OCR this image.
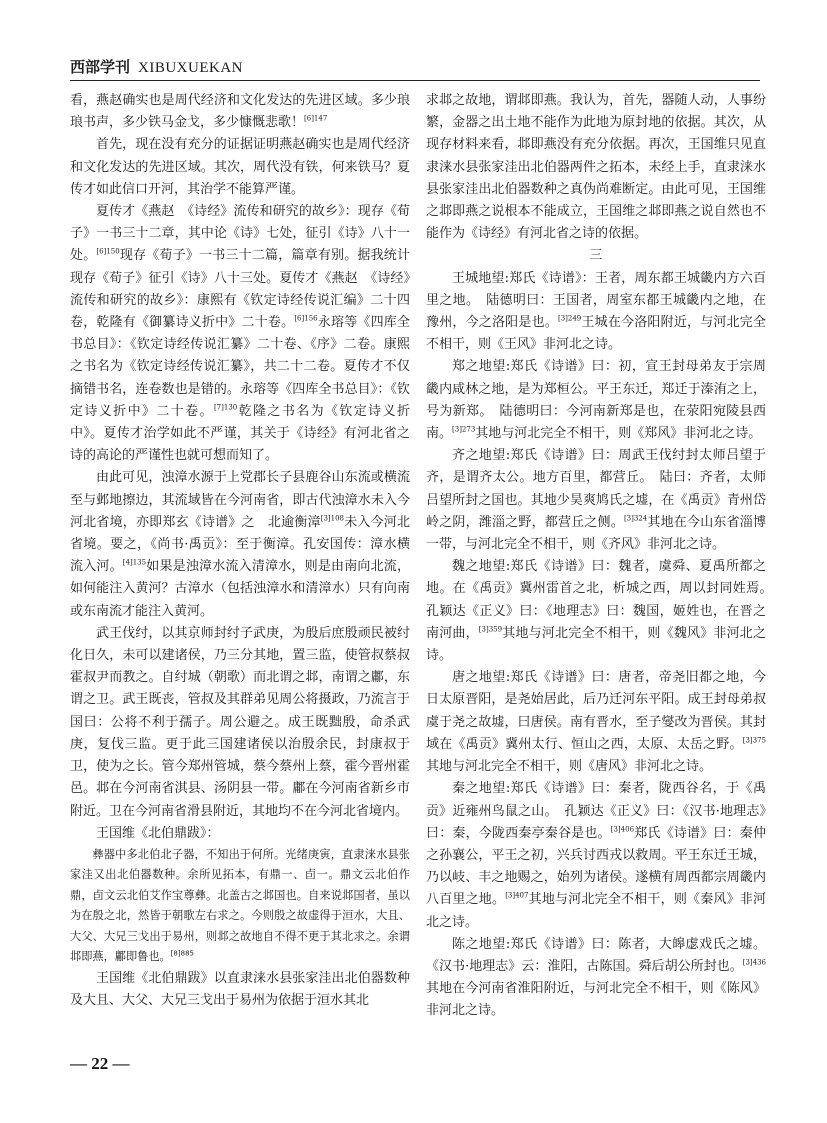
西部学刊 XIBUXUEKAN

看，燕赵确实也是周代经济和文化发达的先进区域。多少琅琅书声，多少铁马金戈，多少慷慨悲歌！$^{[6]147}$

首先，现在没有充分的证据证明燕赵确实也是周代经济和文化发达的先进区域。其次，周代没有铁，何来铁马？夏传才如此信口开河，其治学不能算严谨。

夏传才《燕赵　《诗经》流传和研究的故乡》：现存《荀子》一书三十二章，其中论《诗》七处，征引《诗》八十一处。$^{[6]150}$现存《荀子》一书三十二篇，篇章有别。据我统计现存《荀子》征引《诗》八十三处。夏传才《燕赵　《诗经》流传和研究的故乡》：康熙有《钦定诗经传说汇编》二十四卷，乾隆有《御纂诗义折中》二十卷。$^{[6]156}$永瑢等《四库全书总目》：《钦定诗经传说汇纂》二十卷、《序》二卷。康熙之书名为《钦定诗经传说汇纂》，共二十二卷。夏传才不仅摘错书名，连卷数也是错的。永瑢等《四库全书总目》：《钦定诗义折中》二十卷。$^{[7]130}$乾隆之书名为《钦定诗义折中》。夏传才治学如此不严谨，其关于《诗经》有河北省之诗的高论的严谨性也就可想而知了。

由此可见，浊漳水源于上党郡长子县鹿谷山东流或横流至与邺地擦边，其流域皆在今河南省，即古代浊漳水未入今河北省境，亦即郑玄《诗谱》之　北逾衡漳$^{[3]108}$未入今河北省境。要之，《尚书·禹贡》：至于衡漳。孔安国传：漳水横流入河。$^{[4]135}$如果是浊漳水流入清漳水，则是由南向北流，如何能注入黄河？古漳水（包括浊漳水和清漳水）只有向南或东南流才能注入黄河。

武王伐纣，以其京师封纣子武庚，为殷后庶殷顽民被纣化日久，未可以建诸侯，乃三分其地，置三监，使管叔蔡叔霍叔尹而教之。自纣城（朝歌）而北谓之邶，南谓之鄘，东谓之卫。武王既丧，管叔及其群弟见周公将摄政，乃流言于国曰：公将不利于孺子。周公避之。成王既黜殷，命杀武庚，复伐三监。更于此三国建诸侯以治殷余民，封康叔于卫，使为之长。管今郑州管城，蔡今蔡州上蔡，霍今晋州霍邑。邶在今河南省淇县、汤阴县一带。鄘在今河南省新乡市附近。卫在今河南省滑县附近，其地均不在今河北省境内。

王国维《北伯鼎跋》：

彝器中多北伯北子器，不知出于何所。光绪庚寅，直隶涞水县张家洼又出北伯器数种。余所见拓本，有鼎一、卣一。鼎文云北伯作鼎，卣文云北伯艾作宝尊彝。北盖古之邶国也。自来说邶国者，虽以为在殷之北，然皆于朝歌左右求之。今则殷之故虚得于洹水，大且、大父、大兄三戈出于易州，则邶之故地自不得不更于其北求之。余谓邶即燕，鄘即鲁也。$^{[8]885}$

王国维《北伯鼎跋》以直隶涞水县张家洼出北伯器数种及大且、大父、大兄三戈出于易州为依据于洹水其北

求邶之故地，谓邶即燕。我认为，首先，器随人动，人事纷繁，金器之出土地不能作为此地为原封地的依据。其次，从现存材料来看，邶即燕没有充分依据。再次，王国维只见直隶涞水县张家洼出北伯器两件之拓本，未经上手，直隶涞水县张家洼出北伯器数种之真伪尚难断定。由此可见，王国维之邶即燕之说根本不能成立，王国维之邶即燕之说自然也不能作为《诗经》有河北省之诗的依据。

三

王城地望:郑氏《诗谱》：王者，周东都王城畿内方六百里之地。　陆德明曰：王国者，周室东都王城畿内之地，在豫州，今之洛阳是也。$^{[3]249}$王城在今洛阳附近，与河北完全不相干，则《王风》非河北之诗。

郑之地望:郑氏《诗谱》曰：初，宣王封母弟友于宗周畿内咸林之地，是为郑桓公。平王东迁，郑迁于溱洧之上，号为新郑。　陆德明曰：今河南新郑是也，在荥阳宛陵县西南。$^{[3]273}$其地与河北完全不相干，则《郑风》非河北之诗。

齐之地望:郑氏《诗谱》曰：周武王伐纣封太师吕望于齐，是谓齐太公。地方百里，都营丘。　陆曰：齐者，太师吕望所封之国也。其地少昊爽鸠氏之墟，在《禹贡》青州岱岭之阴，潍淄之野，都营丘之侧。$^{[3]324}$其地在今山东省淄博一带，与河北完全不相干，则《齐风》非河北之诗。

魏之地望:郑氏《诗谱》曰：魏者，虞舜、夏禹所都之地。在《禹贡》冀州雷首之北，析城之西，周以封同姓焉。　孔颖达《正义》曰：《地理志》曰：魏国，姬姓也，在晋之南河曲，$^{[3]359}$其地与河北完全不相干，则《魏风》非河北之诗。

唐之地望:郑氏《诗谱》曰：唐者，帝尧旧都之地，今日太原晋阳，是尧始居此，后乃迁河东平阳。成王封母弟叔虞于尧之故墟，曰唐侯。南有晋水，至子燮改为晋侯。其封域在《禹贡》冀州太行、恒山之西，太原、太岳之野。$^{[3]375}$其地与河北完全不相干，则《唐风》非河北之诗。

秦之地望:郑氏《诗谱》曰：秦者，陇西谷名，于《禹贡》近雍州鸟鼠之山。　孔颖达《正义》曰：《汉书·地理志》曰：秦，今陇西秦亭秦谷是也。$^{[3]406}$郑氏《诗谱》曰：秦仲之孙襄公，平王之初，兴兵讨西戎以救周。平王东迁王城，乃以岐、丰之地赐之，始列为诸侯。遂横有周西都宗周畿内八百里之地。$^{[3]407}$其地与河北完全不相干，则《秦风》非河北之诗。

陈之地望:郑氏《诗谱》曰：陈者，大皞虙戏氏之墟。《汉书·地理志》云：淮阳，古陈国。舜后胡公所封也。$^{[3]436}$其地在今河南省淮阳附近，与河北完全不相干，则《陈风》非河北之诗。

— 22 —
